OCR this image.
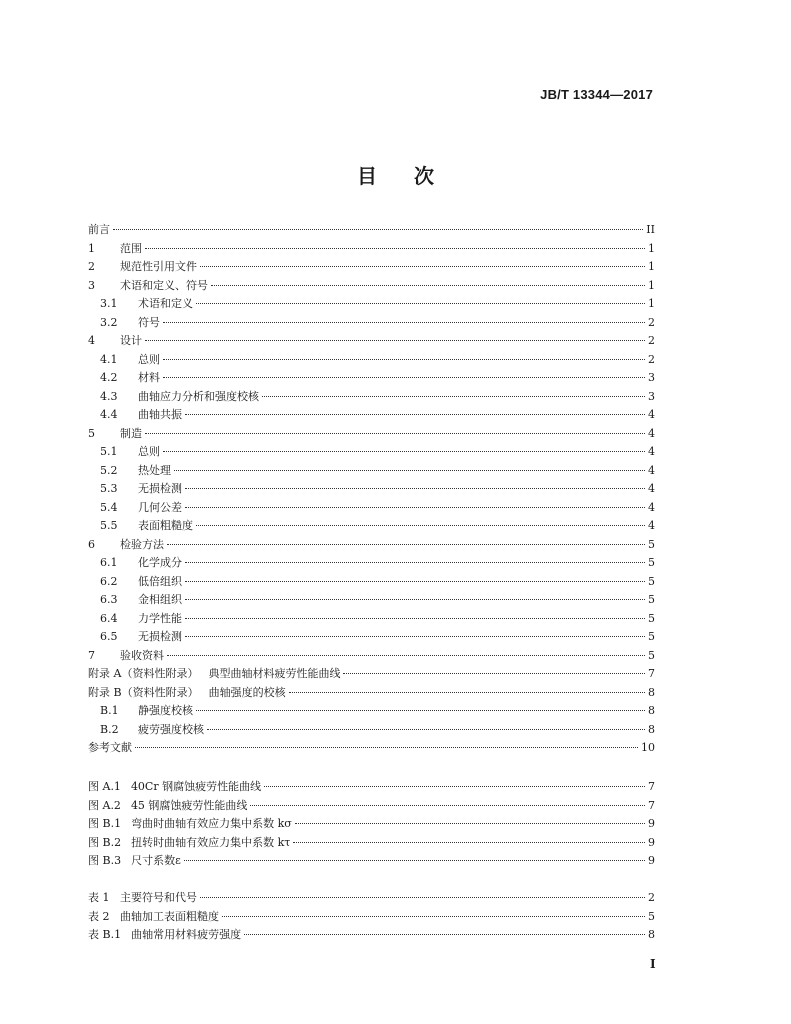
JB/T 13344—2017
目 次
前言	II
1	范围	1
2	规范性引用文件	1
3	术语和定义、符号	1
3.1	术语和定义	1
3.2	符号	2
4	设计	2
4.1	总则	2
4.2	材料	3
4.3	曲轴应力分析和强度校核	3
4.4	曲轴共振	4
5	制造	4
5.1	总则	4
5.2	热处理	4
5.3	无损检测	4
5.4	几何公差	4
5.5	表面粗糙度	4
6	检验方法	5
6.1	化学成分	5
6.2	低倍组织	5
6.3	金相组织	5
6.4	力学性能	5
6.5	无损检测	5
7	验收资料	5
附录 A（资料性附录） 典型曲轴材料疲劳性能曲线	7
附录 B（资料性附录） 曲轴强度的校核	8
B.1	静强度校核	8
B.2	疲劳强度校核	8
参考文献	10
图 A.1 40Cr 钢腐蚀疲劳性能曲线	7
图 A.2 45 钢腐蚀疲劳性能曲线	7
图 B.1 弯曲时曲轴有效应力集中系数 kσ	9
图 B.2 扭转时曲轴有效应力集中系数 kτ	9
图 B.3 尺寸系数ε	9
表 1 主要符号和代号	2
表 2 曲轴加工表面粗糙度	5
表 B.1 曲轴常用材料疲劳强度	8
I
